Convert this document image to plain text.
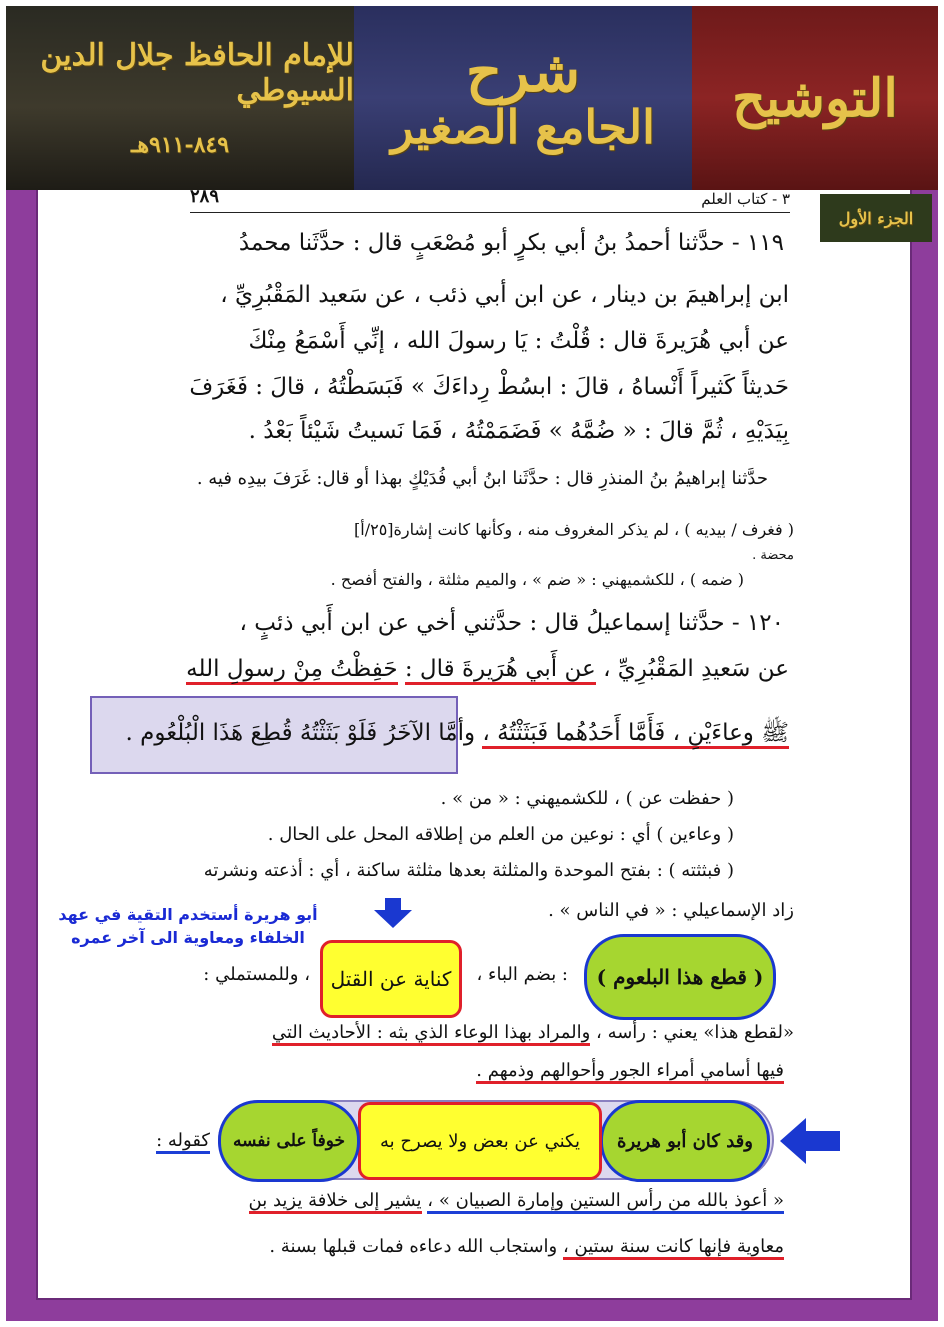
للإمام الحافظ جلال الدين السيوطي
٨٤٩-٩١١هـ
شرح
الجامع الصغير التوشيح
الجزء الأول
٣ - كتاب العلم
٢٨٩
١١٩ - حدَّثنا أحمدُ بنُ أبي بكرٍ أبو مُصْعَبٍ قال : حدَّثَنا محمدُ
ابن إبراهيمَ بن دينار ، عن ابن أبي ذئب ، عن سَعيد المَقْبُرِيِّ ،
عن أبي هُرَيرةَ قال : قُلْتُ : يَا رسولَ الله ، إنِّي أَسْمَعُ مِنْكَ
حَديثاً كَثيراً أَنْساهُ ، قالَ : ابسُطْ رِداءَكَ » فَبَسَطْتُهُ ، قالَ : فَغَرَفَ
بِيَدَيْهِ ، ثُمَّ قالَ : « ضُمَّهُ » فَضَمَمْتُهُ ، فَمَا نَسيتُ شَيْئاً بَعْدُ .
حدَّثنا إبراهيمُ بنُ المنذرِ قال : حدَّثَنا ابنُ أبي فُدَيْكٍ بهذا أو قال: غَرَفَ بيدِه فيه .
( فغرف / بيديه ) ، لم يذكر المغروف منه ، وكأنها كانت إشارة[٢٥/أ]
محضة .
( ضمه ) ، للكشميهني : « ضم » ، والميم مثلثة ، والفتح أفصح .
١٢٠ - حدَّثنا إسماعيلُ قال : حدَّثني أخي عن ابن أَبي ذئبٍ ،
عن سَعيدِ المَقْبُرِيِّ ، عن أَبي هُرَيرةَ قال : حَفِظْتُ مِنْ رسولِ الله
ﷺ وعاءَيْنِ ، فَأَمَّا أَحَدُهُما فَبَثَثْتُهُ ، وأمَّا الآخَرُ فَلَوْ بَثَثْتُهُ قُطِعَ هَذَا الْبُلْعُوم .
( حفظت عن ) ، للكشميهني : « من » .
( وعاءين ) أي : نوعين من العلم من إطلاقه المحل على الحال .
( فبثثته ) : بفتح الموحدة والمثلثة بعدها مثلثة ساكنة ، أي : أذعته ونشرته
زاد الإسماعيلي : « في الناس » .
أبو هريرة أستخدم التقية في عهد الخلفاء ومعاوية الى آخر عمره
( قطع هذا البلعوم )
: بضم الباء ،
كناية عن القتل
، وللمستملي :
«لقطع هذا» يعني : رأسه ، والمراد بهذا الوعاء الذي بثه : الأحاديث التي
فيها أسامي أمراء الجور وأحوالهم وذمهم .
وقد كان أبو هريرة
يكني عن بعض ولا يصرح به
خوفاً على نفسه
كقوله :
« أعوذ بالله من رأس الستين وإمارة الصبيان » ، يشير إلى خلافة يزيد بن
معاوية فإنها كانت سنة ستين ، واستجاب الله دعاءه فمات قبلها بسنة .
